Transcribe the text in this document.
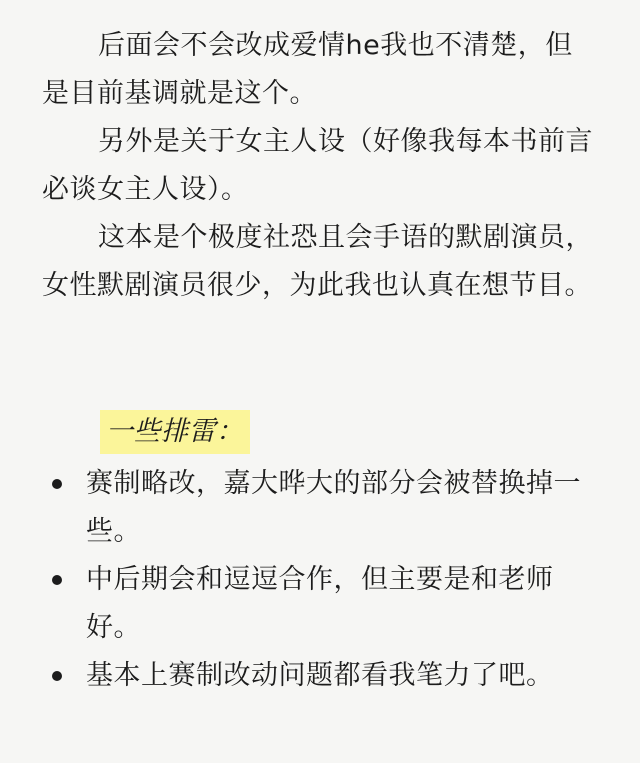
后面会不会改成爱情he我也不清楚，但是目前基调就是这个。

另外是关于女主人设（好像我每本书前言必谈女主人设）。

这本是个极度社恐且会手语的默剧演员，女性默剧演员很少，为此我也认真在想节目。

一些排雷：
赛制略改，嘉大晔大的部分会被替换掉一些。
中后期会和逗逗合作，但主要是和老师好。
基本上赛制改动问题都看我笔力了吧。
